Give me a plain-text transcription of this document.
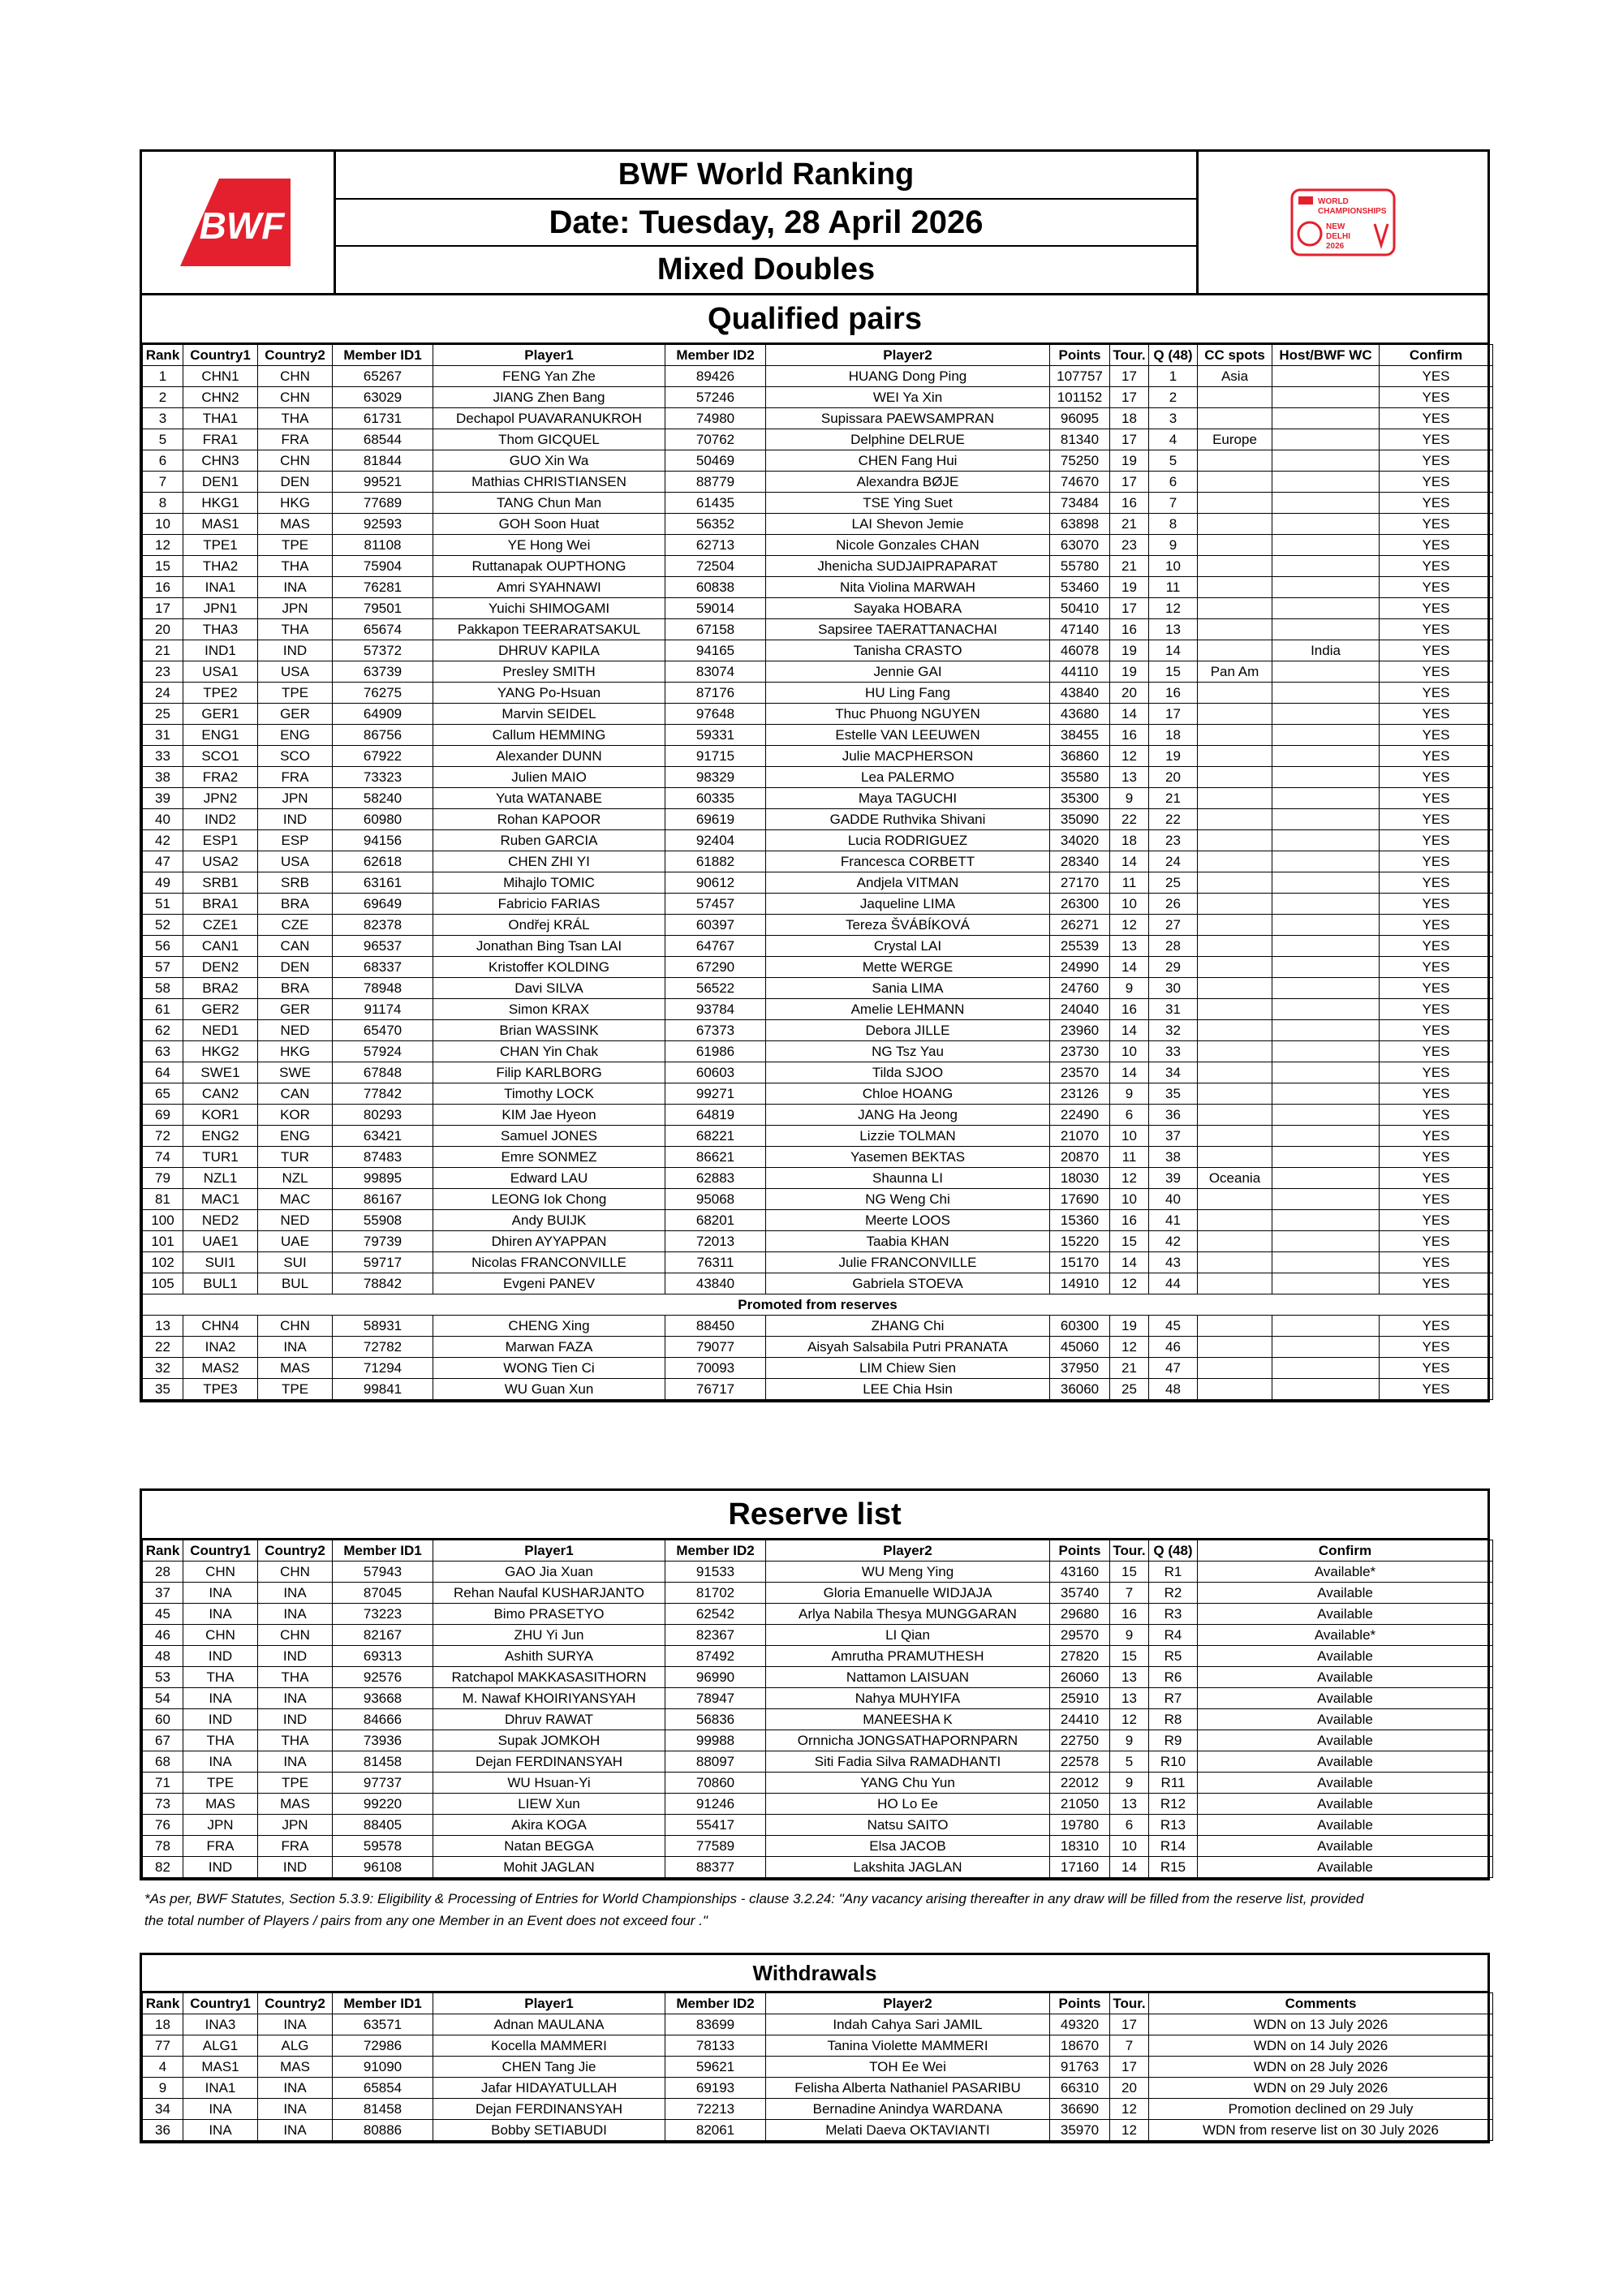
BWF
BWF World Ranking
Date: Tuesday, 28 April 2026
Mixed Doubles
WORLD
CHAMPIONSHIPS
NEW
DELHI
2026
Qualified pairs
Rank	Country1	Country2	Member ID1	Player1	Member ID2	Player2	Points	Tour.	Q (48)	CC spots	Host/BWF WC	Confirm
1	CHN1	CHN	65267	FENG Yan Zhe	89426	HUANG Dong Ping	107757	17	1	Asia		YES
2	CHN2	CHN	63029	JIANG Zhen Bang	57246	WEI Ya Xin	101152	17	2			YES
3	THA1	THA	61731	Dechapol PUAVARANUKROH	74980	Supissara PAEWSAMPRAN	96095	18	3			YES
5	FRA1	FRA	68544	Thom GICQUEL	70762	Delphine DELRUE	81340	17	4	Europe		YES
6	CHN3	CHN	81844	GUO Xin Wa	50469	CHEN Fang Hui	75250	19	5			YES
7	DEN1	DEN	99521	Mathias CHRISTIANSEN	88779	Alexandra BØJE	74670	17	6			YES
8	HKG1	HKG	77689	TANG Chun Man	61435	TSE Ying Suet	73484	16	7			YES
10	MAS1	MAS	92593	GOH Soon Huat	56352	LAI Shevon Jemie	63898	21	8			YES
12	TPE1	TPE	81108	YE Hong Wei	62713	Nicole Gonzales CHAN	63070	23	9			YES
15	THA2	THA	75904	Ruttanapak OUPTHONG	72504	Jhenicha SUDJAIPRAPARAT	55780	21	10			YES
16	INA1	INA	76281	Amri SYAHNAWI	60838	Nita Violina MARWAH	53460	19	11			YES
17	JPN1	JPN	79501	Yuichi SHIMOGAMI	59014	Sayaka HOBARA	50410	17	12			YES
20	THA3	THA	65674	Pakkapon TEERARATSAKUL	67158	Sapsiree TAERATTANACHAI	47140	16	13			YES
21	IND1	IND	57372	DHRUV KAPILA	94165	Tanisha CRASTO	46078	19	14		India	YES
23	USA1	USA	63739	Presley SMITH	83074	Jennie GAI	44110	19	15	Pan Am		YES
24	TPE2	TPE	76275	YANG Po-Hsuan	87176	HU Ling Fang	43840	20	16			YES
25	GER1	GER	64909	Marvin SEIDEL	97648	Thuc Phuong NGUYEN	43680	14	17			YES
31	ENG1	ENG	86756	Callum HEMMING	59331	Estelle VAN LEEUWEN	38455	16	18			YES
33	SCO1	SCO	67922	Alexander DUNN	91715	Julie MACPHERSON	36860	12	19			YES
38	FRA2	FRA	73323	Julien MAIO	98329	Lea PALERMO	35580	13	20			YES
39	JPN2	JPN	58240	Yuta WATANABE	60335	Maya TAGUCHI	35300	9	21			YES
40	IND2	IND	60980	Rohan KAPOOR	69619	GADDE Ruthvika Shivani	35090	22	22			YES
42	ESP1	ESP	94156	Ruben GARCIA	92404	Lucia RODRIGUEZ	34020	18	23			YES
47	USA2	USA	62618	CHEN ZHI YI	61882	Francesca CORBETT	28340	14	24			YES
49	SRB1	SRB	63161	Mihajlo TOMIC	90612	Andjela VITMAN	27170	11	25			YES
51	BRA1	BRA	69649	Fabricio FARIAS	57457	Jaqueline LIMA	26300	10	26			YES
52	CZE1	CZE	82378	Ondřej KRÁL	60397	Tereza ŠVÁBÍKOVÁ	26271	12	27			YES
56	CAN1	CAN	96537	Jonathan Bing Tsan LAI	64767	Crystal LAI	25539	13	28			YES
57	DEN2	DEN	68337	Kristoffer KOLDING	67290	Mette WERGE	24990	14	29			YES
58	BRA2	BRA	78948	Davi SILVA	56522	Sania LIMA	24760	9	30			YES
61	GER2	GER	91174	Simon KRAX	93784	Amelie LEHMANN	24040	16	31			YES
62	NED1	NED	65470	Brian WASSINK	67373	Debora JILLE	23960	14	32			YES
63	HKG2	HKG	57924	CHAN Yin Chak	61986	NG Tsz Yau	23730	10	33			YES
64	SWE1	SWE	67848	Filip KARLBORG	60603	Tilda SJOO	23570	14	34			YES
65	CAN2	CAN	77842	Timothy LOCK	99271	Chloe HOANG	23126	9	35			YES
69	KOR1	KOR	80293	KIM Jae Hyeon	64819	JANG Ha Jeong	22490	6	36			YES
72	ENG2	ENG	63421	Samuel JONES	68221	Lizzie TOLMAN	21070	10	37			YES
74	TUR1	TUR	87483	Emre SONMEZ	86621	Yasemen BEKTAS	20870	11	38			YES
79	NZL1	NZL	99895	Edward LAU	62883	Shaunna LI	18030	12	39	Oceania		YES
81	MAC1	MAC	86167	LEONG Iok Chong	95068	NG Weng Chi	17690	10	40			YES
100	NED2	NED	55908	Andy BUIJK	68201	Meerte LOOS	15360	16	41			YES
101	UAE1	UAE	79739	Dhiren AYYAPPAN	72013	Taabia KHAN	15220	15	42			YES
102	SUI1	SUI	59717	Nicolas FRANCONVILLE	76311	Julie FRANCONVILLE	15170	14	43			YES
105	BUL1	BUL	78842	Evgeni PANEV	43840	Gabriela STOEVA	14910	12	44			YES
Promoted from reserves												
13	CHN4	CHN	58931	CHENG Xing	88450	ZHANG Chi	60300	19	45			YES
22	INA2	INA	72782	Marwan FAZA	79077	Aisyah Salsabila Putri PRANATA	45060	12	46			YES
32	MAS2	MAS	71294	WONG Tien Ci	70093	LIM Chiew Sien	37950	21	47			YES
35	TPE3	TPE	99841	WU Guan Xun	76717	LEE Chia Hsin	36060	25	48			YES
Reserve list
Rank	Country1	Country2	Member ID1	Player1	Member ID2	Player2	Points	Tour.	Q (48)	Confirm
28	CHN	CHN	57943	GAO Jia Xuan	91533	WU Meng Ying	43160	15	R1	Available*
37	INA	INA	87045	Rehan Naufal KUSHARJANTO	81702	Gloria Emanuelle WIDJAJA	35740	7	R2	Available
45	INA	INA	73223	Bimo PRASETYO	62542	Arlya Nabila Thesya MUNGGARAN	29680	16	R3	Available
46	CHN	CHN	82167	ZHU Yi Jun	82367	LI Qian	29570	9	R4	Available*
48	IND	IND	69313	Ashith SURYA	87492	Amrutha PRAMUTHESH	27820	15	R5	Available
53	THA	THA	92576	Ratchapol MAKKASASITHORN	96990	Nattamon LAISUAN	26060	13	R6	Available
54	INA	INA	93668	M. Nawaf KHOIRIYANSYAH	78947	Nahya MUHYIFA	25910	13	R7	Available
60	IND	IND	84666	Dhruv RAWAT	56836	MANEESHA K	24410	12	R8	Available
67	THA	THA	73936	Supak JOMKOH	99988	Ornnicha JONGSATHAPORNPARN	22750	9	R9	Available
68	INA	INA	81458	Dejan FERDINANSYAH	88097	Siti Fadia Silva RAMADHANTI	22578	5	R10	Available
71	TPE	TPE	97737	WU Hsuan-Yi	70860	YANG Chu Yun	22012	9	R11	Available
73	MAS	MAS	99220	LIEW Xun	91246	HO Lo Ee	21050	13	R12	Available
76	JPN	JPN	88405	Akira KOGA	55417	Natsu SAITO	19780	6	R13	Available
78	FRA	FRA	59578	Natan BEGGA	77589	Elsa JACOB	18310	10	R14	Available
82	IND	IND	96108	Mohit JAGLAN	88377	Lakshita JAGLAN	17160	14	R15	Available
*As per, BWF Statutes, Section 5.3.9: Eligibility & Processing of Entries for World Championships - clause 3.2.24: "Any vacancy arising thereafter in any draw will be filled from the reserve list, provided
the total number of Players / pairs from any one Member in an Event does not exceed four ."
Withdrawals
Rank	Country1	Country2	Member ID1	Player1	Member ID2	Player2	Points	Tour.	Comments
18	INA3	INA	63571	Adnan MAULANA	83699	Indah Cahya Sari JAMIL	49320	17	WDN on 13 July 2026
77	ALG1	ALG	72986	Kocella MAMMERI	78133	Tanina Violette MAMMERI	18670	7	WDN on 14 July 2026
4	MAS1	MAS	91090	CHEN Tang Jie	59621	TOH Ee Wei	91763	17	WDN on 28 July 2026
9	INA1	INA	65854	Jafar HIDAYATULLAH	69193	Felisha Alberta Nathaniel PASARIBU	66310	20	WDN on 29 July 2026
34	INA	INA	81458	Dejan FERDINANSYAH	72213	Bernadine Anindya WARDANA	36690	12	Promotion declined on 29 July
36	INA	INA	80886	Bobby SETIABUDI	82061	Melati Daeva OKTAVIANTI	35970	12	WDN from reserve list on 30 July 2026
